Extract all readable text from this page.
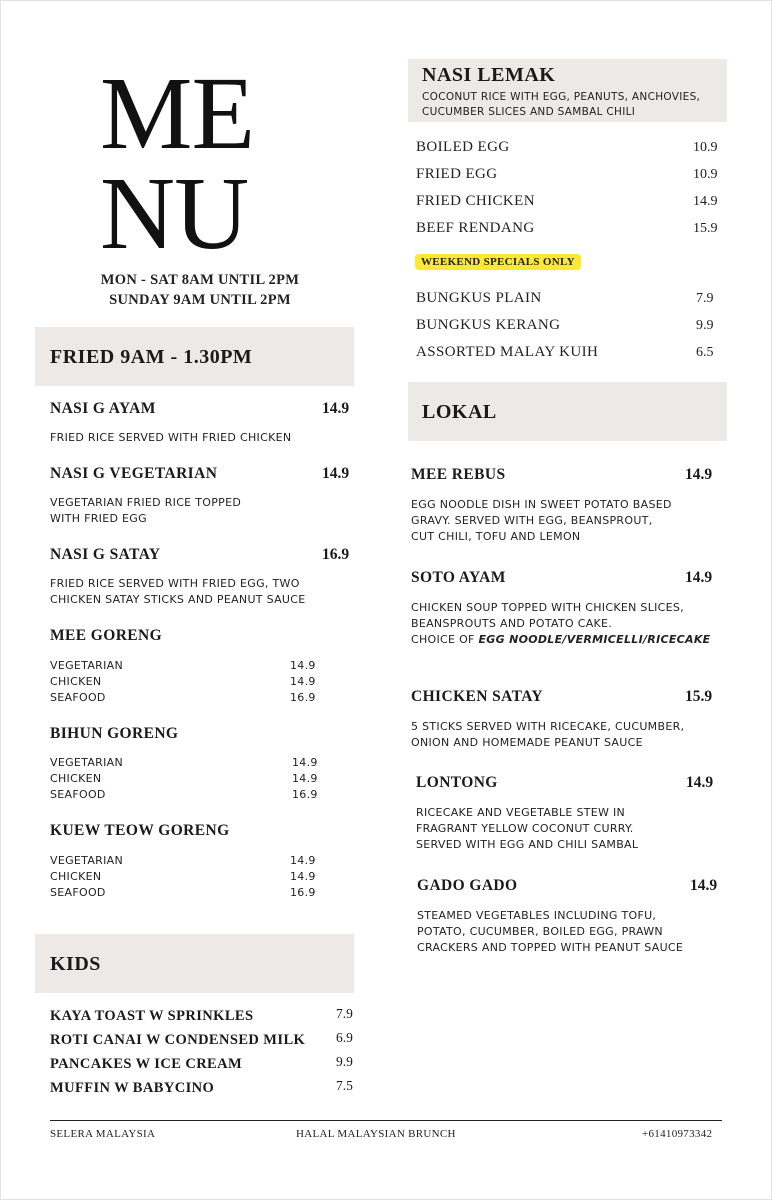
ME
NU
MON - SAT 8AM UNTIL 2PM
SUNDAY 9AM UNTIL 2PM
FRIED 9AM - 1.30PM
NASI G AYAM	14.9
FRIED RICE SERVED WITH FRIED CHICKEN
NASI G VEGETARIAN	14.9
VEGETARIAN FRIED RICE TOPPED
WITH FRIED EGG
NASI G SATAY	16.9
FRIED RICE SERVED WITH FRIED EGG, TWO
CHICKEN SATAY STICKS AND PEANUT SAUCE
MEE GORENG
VEGETARIAN	14.9
CHICKEN	14.9
SEAFOOD	16.9
BIHUN GORENG
VEGETARIAN	14.9
CHICKEN	14.9
SEAFOOD	16.9
KUEW TEOW GORENG
VEGETARIAN	14.9
CHICKEN	14.9
SEAFOOD	16.9
KIDS
KAYA TOAST W SPRINKLES	7.9
ROTI CANAI W CONDENSED MILK 6.9
PANCAKES W ICE CREAM	9.9
MUFFIN W BABYCINO	7.5
NASI LEMAK
COCONUT RICE WITH EGG, PEANUTS, ANCHOVIES,
CUCUMBER SLICES AND SAMBAL CHILI
BOILED EGG	10.9
FRIED EGG	10.9
FRIED CHICKEN	14.9
BEEF RENDANG	15.9
WEEKEND SPECIALS ONLY
BUNGKUS PLAIN	7.9
BUNGKUS KERANG	9.9
ASSORTED MALAY KUIH	6.5
LOKAL
MEE REBUS	14.9
EGG NOODLE DISH IN SWEET POTATO BASED
GRAVY. SERVED WITH EGG, BEANSPROUT,
CUT CHILI, TOFU AND LEMON
SOTO AYAM	14.9
CHICKEN SOUP TOPPED WITH CHICKEN SLICES,
BEANSPROUTS AND POTATO CAKE.
CHOICE OF EGG NOODLE/VERMICELLI/RICECAKE
CHICKEN SATAY	15.9
5 STICKS SERVED WITH RICECAKE, CUCUMBER,
ONION AND HOMEMADE PEANUT SAUCE
LONTONG	14.9
RICECAKE AND VEGETABLE STEW IN
FRAGRANT YELLOW COCONUT CURRY.
SERVED WITH EGG AND CHILI SAMBAL
GADO GADO	14.9
STEAMED VEGETABLES INCLUDING TOFU,
POTATO, CUCUMBER, BOILED EGG, PRAWN
CRACKERS AND TOPPED WITH PEANUT SAUCE
SELERA MALAYSIA	HALAL MALAYSIAN BRUNCH	+61410973342
